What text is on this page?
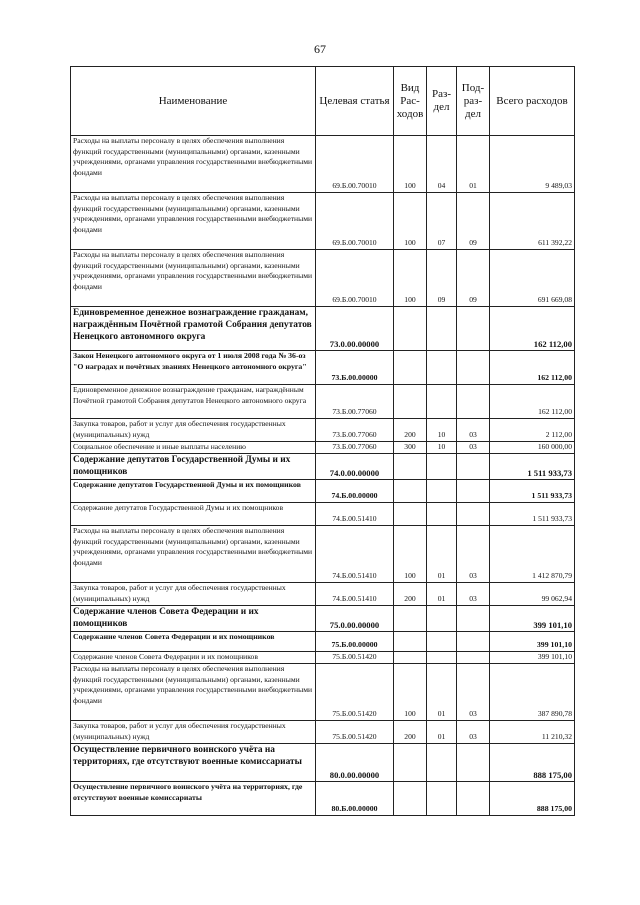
67
Наименование	Целевая статья	Вид Рас- ходов	Раз- дел	Под- раз- дел	Всего расходов
Расходы на выплаты персоналу в целях обеспечения выполнения функций государственными (муниципальными) органами, казенными учреждениями, органами управления государственными внебюджетными фондами	69.Б.00.70010	100	04	01	9 489,03
Расходы на выплаты персоналу в целях обеспечения выполнения функций государственными (муниципальными) органами, казенными учреждениями, органами управления государственными внебюджетными фондами	69.Б.00.70010	100	07	09	611 392,22
Расходы на выплаты персоналу в целях обеспечения выполнения функций государственными (муниципальными) органами, казенными учреждениями, органами управления государственными внебюджетными фондами	69.Б.00.70010	100	09	09	691 669,08
Единовременное денежное вознаграждение гражданам, награждённым Почётной грамотой Собрания депутатов Ненецкого автономного округа	73.0.00.00000				162 112,00
Закон Ненецкого автономного округа от 1 июля 2008 года № 36-оз "О наградах и почётных званиях Ненецкого автономного округа"	73.Б.00.00000				162 112,00
Единовременное денежное вознаграждение гражданам, награждённым Почётной грамотой Собрания депутатов Ненецкого автономного округа	73.Б.00.77060				162 112,00
Закупка товаров, работ и услуг для обеспечения государственных (муниципальных) нужд	73.Б.00.77060	200	10	03	2 112,00
Социальное обеспечение и иные выплаты населению	73.Б.00.77060	300	10	03	160 000,00
Содержание депутатов Государственной Думы и их помощников	74.0.00.00000				1 511 933,73
Содержание депутатов Государственной Думы и их помощников	74.Б.00.00000				1 511 933,73
Содержание депутатов Государственной Думы и их помощников	74.Б.00.51410				1 511 933,73
Расходы на выплаты персоналу в целях обеспечения выполнения функций государственными (муниципальными) органами, казенными учреждениями, органами управления государственными внебюджетными фондами	74.Б.00.51410	100	01	03	1 412 870,79
Закупка товаров, работ и услуг для обеспечения государственных (муниципальных) нужд	74.Б.00.51410	200	01	03	99 062,94
Содержание членов Совета Федерации и их помощников	75.0.00.00000				399 101,10
Содержание членов Совета Федерации и их помощников	75.Б.00.00000				399 101,10
Содержание членов Совета Федерации и их помощников	75.Б.00.51420				399 101,10
Расходы на выплаты персоналу в целях обеспечения выполнения функций государственными (муниципальными) органами, казенными учреждениями, органами управления государственными внебюджетными фондами	75.Б.00.51420	100	01	03	387 890,78
Закупка товаров, работ и услуг для обеспечения государственных (муниципальных) нужд	75.Б.00.51420	200	01	03	11 210,32
Осуществление первичного воинского учёта на территориях, где отсутствуют военные комиссариаты	80.0.00.00000				888 175,00
Осуществление первичного воинского учёта на территориях, где отсутствуют военные комиссариаты	80.Б.00.00000				888 175,00
